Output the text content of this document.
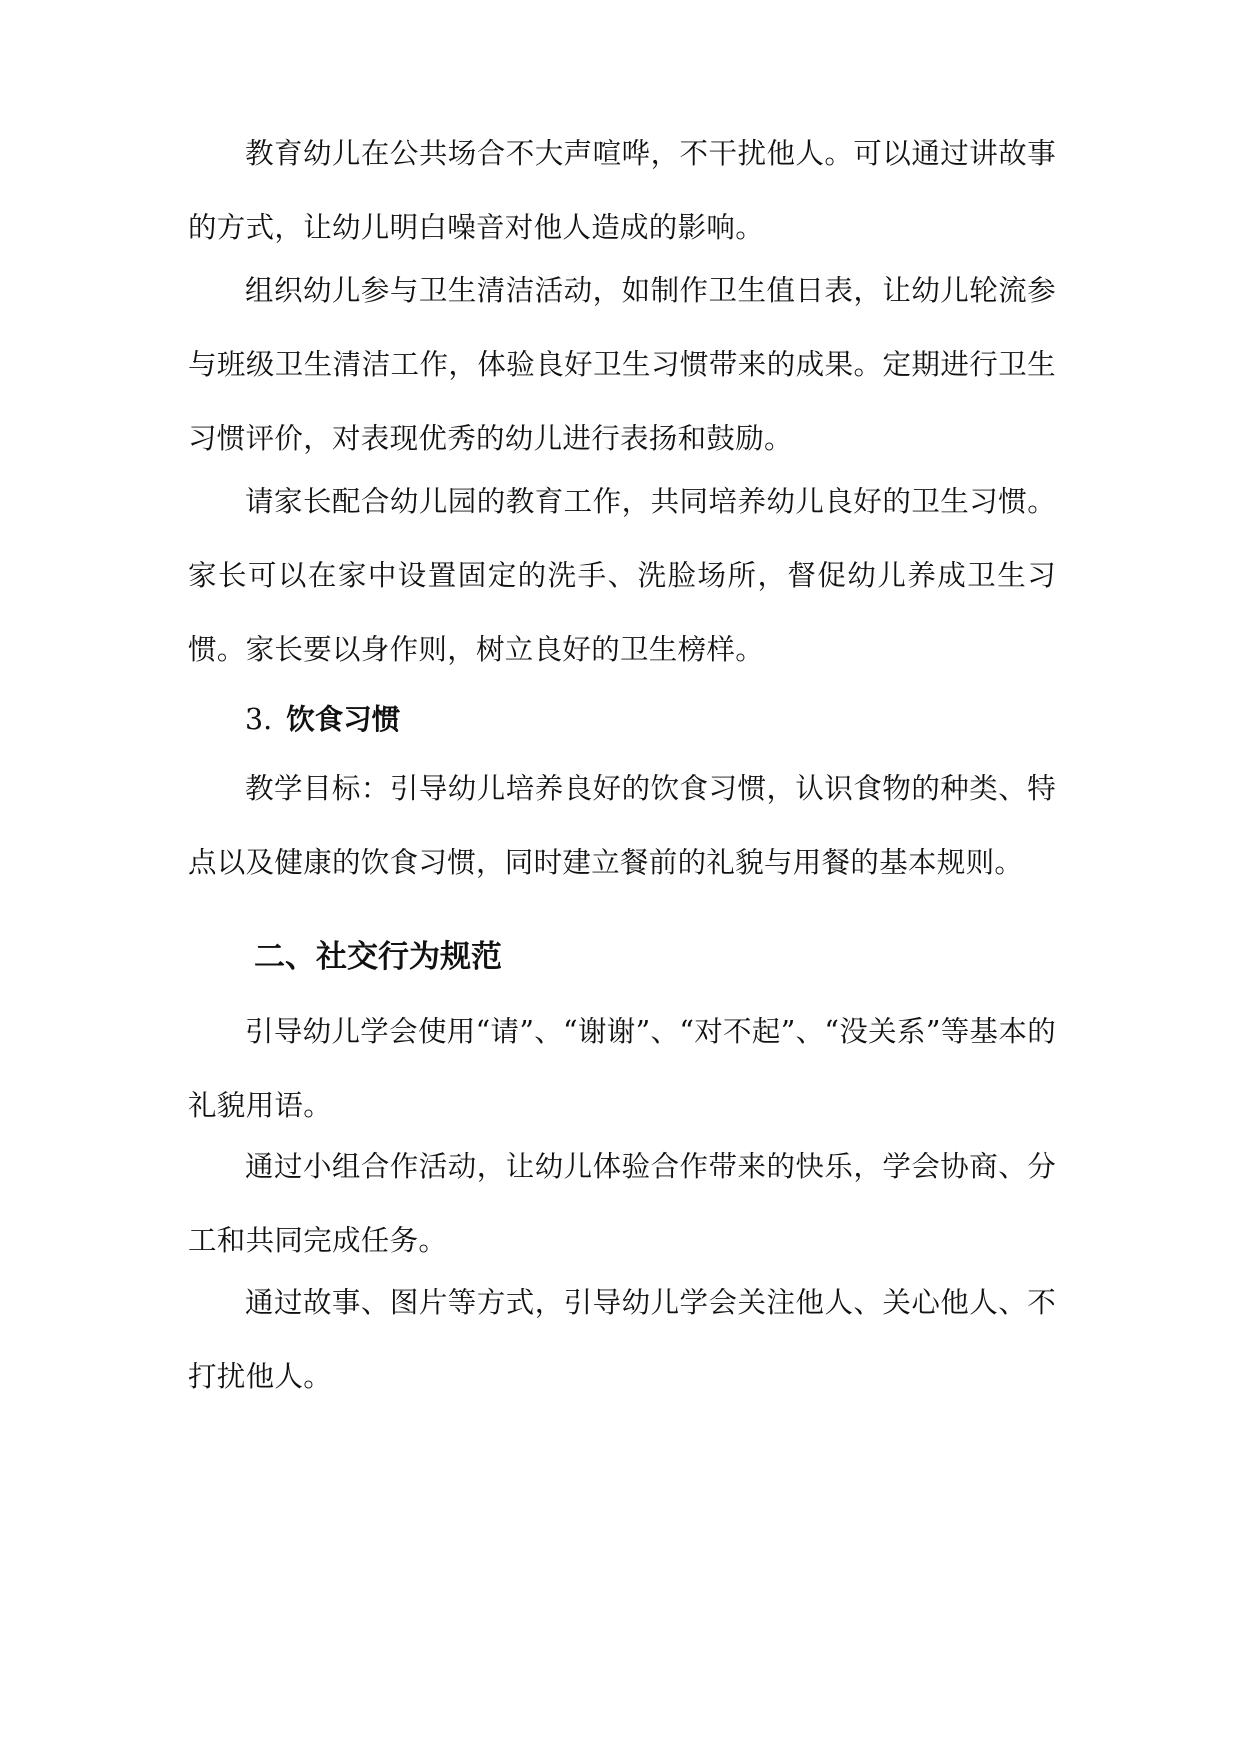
教育幼儿在公共场合不大声喧哗，不干扰他人。可以通过讲故事的方式，让幼儿明白噪音对他人造成的影响。

组织幼儿参与卫生清洁活动，如制作卫生值日表，让幼儿轮流参与班级卫生清洁工作，体验良好卫生习惯带来的成果。定期进行卫生习惯评价，对表现优秀的幼儿进行表扬和鼓励。

请家长配合幼儿园的教育工作，共同培养幼儿良好的卫生习惯。家长可以在家中设置固定的洗手、洗脸场所，督促幼儿养成卫生习惯。家长要以身作则，树立良好的卫生榜样。

3. 饮食习惯

教学目标：引导幼儿培养良好的饮食习惯，认识食物的种类、特点以及健康的饮食习惯，同时建立餐前的礼貌与用餐的基本规则。

二、社交行为规范

引导幼儿学会使用“请”、“谢谢”、“对不起”、“没关系”等基本的礼貌用语。

通过小组合作活动，让幼儿体验合作带来的快乐，学会协商、分工和共同完成任务。

通过故事、图片等方式，引导幼儿学会关注他人、关心他人、不打扰他人。
